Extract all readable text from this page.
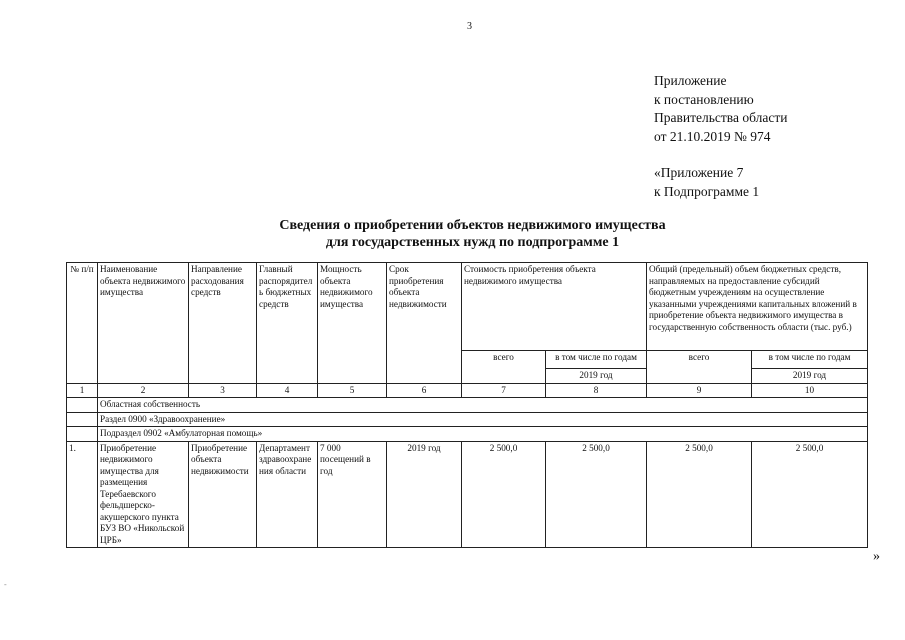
3
Приложение
к постановлению
Правительства области
от 21.10.2019 № 974
«Приложение 7
к Подпрограмме 1
Сведения о приобретении объектов недвижимого имущества
для государственных нужд по подпрограмме 1
№ п/п	Наименование объекта недвижимого имущества	Направление расходования средств	Главный распорядитель бюджетных средств	Мощность объекта недвижимого имущества	Срок приобретения объекта недвижимости	Стоимость приобретения объекта недвижимого имущества		Общий (предельный) объем бюджетных средств, направляемых на предоставление субсидий бюджетным учреждениям на осуществление указанными учреждениями капитальных вложений в приобретение объекта недвижимого имущества в государственную собственность области (тыс. руб.)	
						всего	в том числе по годам	всего	в том числе по годам
							2019 год		2019 год
1	2	3	4	5	6	7	8	9	10
	Областная собственность								
	Раздел 0900 «Здравоохранение»								
	Подраздел 0902 «Амбулаторная помощь»								
1.	Приобретение недвижимого имущества для размещения Теребаевского фельдшерско-акушерского пункта БУЗ ВО «Никольской ЦРБ»	Приобретение объекта недвижимости	Департамент здравоохранения области	7 000 посещений в год	2019 год	2 500,0	2 500,0	2 500,0	2 500,0
»
-
